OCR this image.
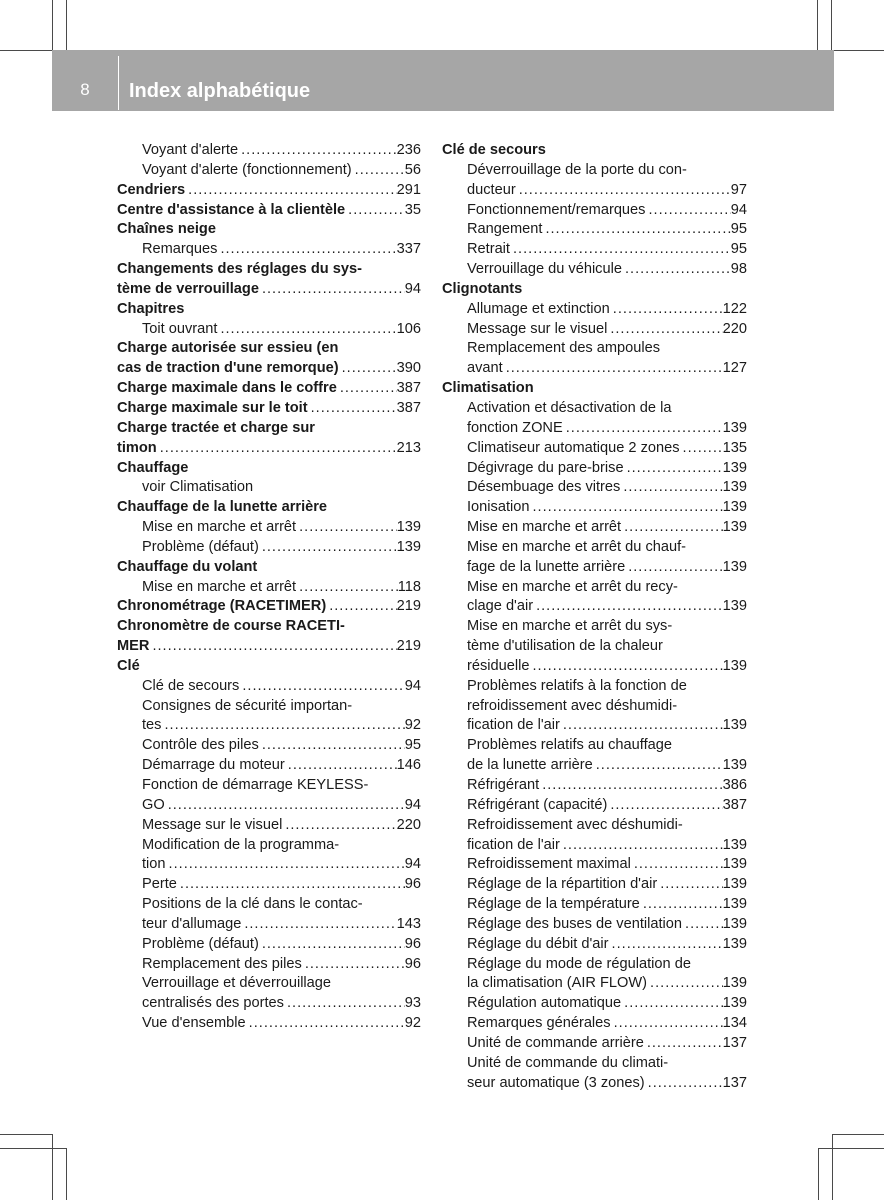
8	Index alphabétique
Voyant d'alerte .....	236
Voyant d'alerte (fonctionnement) .....	56
Cendriers .....	291
Centre d'assistance à la clientèle .....	35
Chaînes neige
Remarques .....	337
Changements des réglages du sys-
tème de verrouillage .....	94
Chapitres
Toit ouvrant .....	106
Charge autorisée sur essieu (en
cas de traction d'une remorque) .....	390
Charge maximale dans le coffre .....	387
Charge maximale sur le toit .....	387
Charge tractée et charge sur
timon .....	213
Chauffage
voir Climatisation
Chauffage de la lunette arrière
Mise en marche et arrêt .....	139
Problème (défaut) .....	139
Chauffage du volant
Mise en marche et arrêt .....	118
Chronométrage (RACETIMER) .....	219
Chronomètre de course RACETI-
MER .....	219
Clé
Clé de secours .....	94
Consignes de sécurité importan-
tes .....	92
Contrôle des piles .....	95
Démarrage du moteur .....	146
Fonction de démarrage KEYLESS-
GO .....	94
Message sur le visuel .....	220
Modification de la programma-
tion .....	94
Perte .....	96
Positions de la clé dans le contac-
teur d'allumage .....	143
Problème (défaut) .....	96
Remplacement des piles .....	96
Verrouillage et déverrouillage
centralisés des portes .....	93
Vue d'ensemble .....	92
Clé de secours
Déverrouillage de la porte du con-
ducteur .....	97
Fonctionnement/remarques .....	94
Rangement .....	95
Retrait .....	95
Verrouillage du véhicule .....	98
Clignotants
Allumage et extinction .....	122
Message sur le visuel .....	220
Remplacement des ampoules
avant .....	127
Climatisation
Activation et désactivation de la
fonction ZONE .....	139
Climatiseur automatique 2 zones .....	135
Dégivrage du pare-brise .....	139
Désembuage des vitres .....	139
Ionisation .....	139
Mise en marche et arrêt .....	139
Mise en marche et arrêt du chauf-
fage de la lunette arrière .....	139
Mise en marche et arrêt du recy-
clage d'air .....	139
Mise en marche et arrêt du sys-
tème d'utilisation de la chaleur
résiduelle .....	139
Problèmes relatifs à la fonction de
refroidissement avec déshumidi-
fication de l'air .....	139
Problèmes relatifs au chauffage
de la lunette arrière .....	139
Réfrigérant .....	386
Réfrigérant (capacité) .....	387
Refroidissement avec déshumidi-
fication de l'air .....	139
Refroidissement maximal .....	139
Réglage de la répartition d'air .....	139
Réglage de la température .....	139
Réglage des buses de ventilation .....	139
Réglage du débit d'air .....	139
Réglage du mode de régulation de
la climatisation (AIR FLOW) .....	139
Régulation automatique .....	139
Remarques générales .....	134
Unité de commande arrière .....	137
Unité de commande du climati-
seur automatique (3 zones) .....	137
